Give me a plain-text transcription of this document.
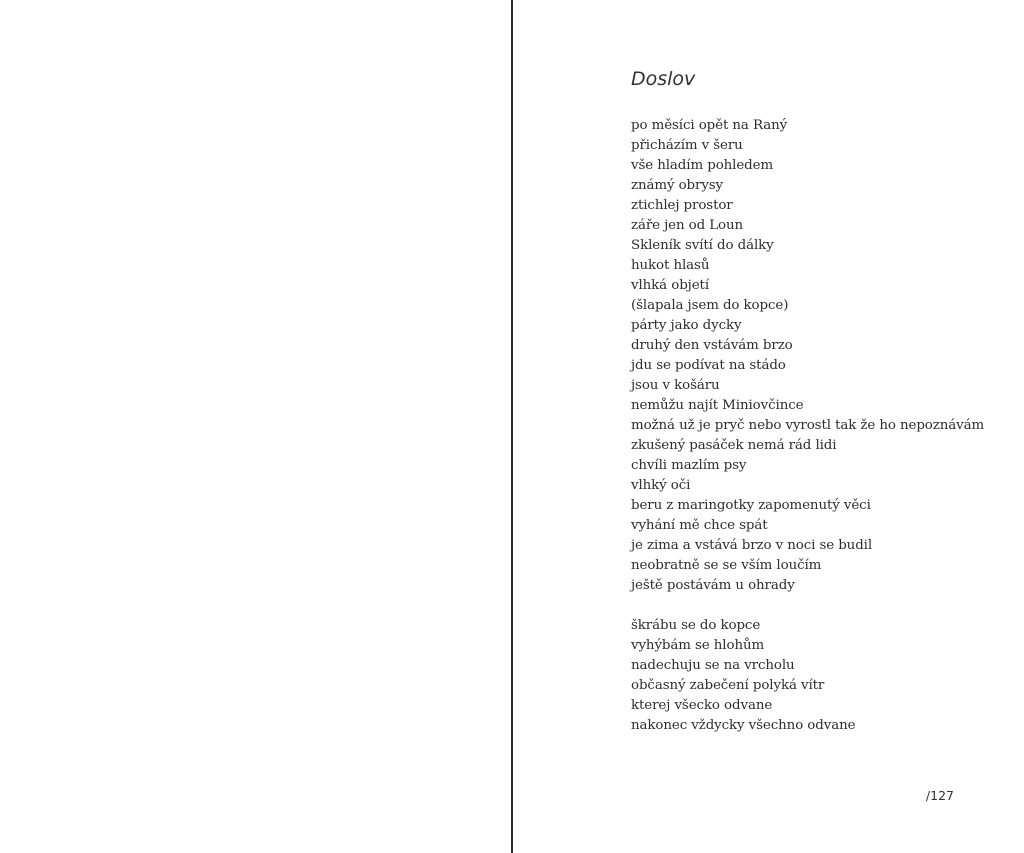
Doslov
po měsíci opět na Raný
přicházím v šeru
vše hladím pohledem
známý obrysy
ztichlej prostor
záře jen od Loun
Skleník svítí do dálky
hukot hlasů
vlhká objetí
(šlapala jsem do kopce)
párty jako dycky
druhý den vstávám brzo
jdu se podívat na stádo
jsou v košáru
nemůžu najít Miniovčince
možná už je pryč nebo vyrostl tak že ho nepoznávám
zkušený pasáček nemá rád lidi
chvíli mazlím psy
vlhký oči
beru z maringotky zapomenutý věci
vyhání mě chce spát
je zima a vstává brzo v noci se budil
neobratně se se vším loučím
ještě postávám u ohrady
škrábu se do kopce
vyhýbám se hlohům
nadechuju se na vrcholu
občasný zabečení polyká vítr
kterej všecko odvane
nakonec vždycky všechno odvane
/127
